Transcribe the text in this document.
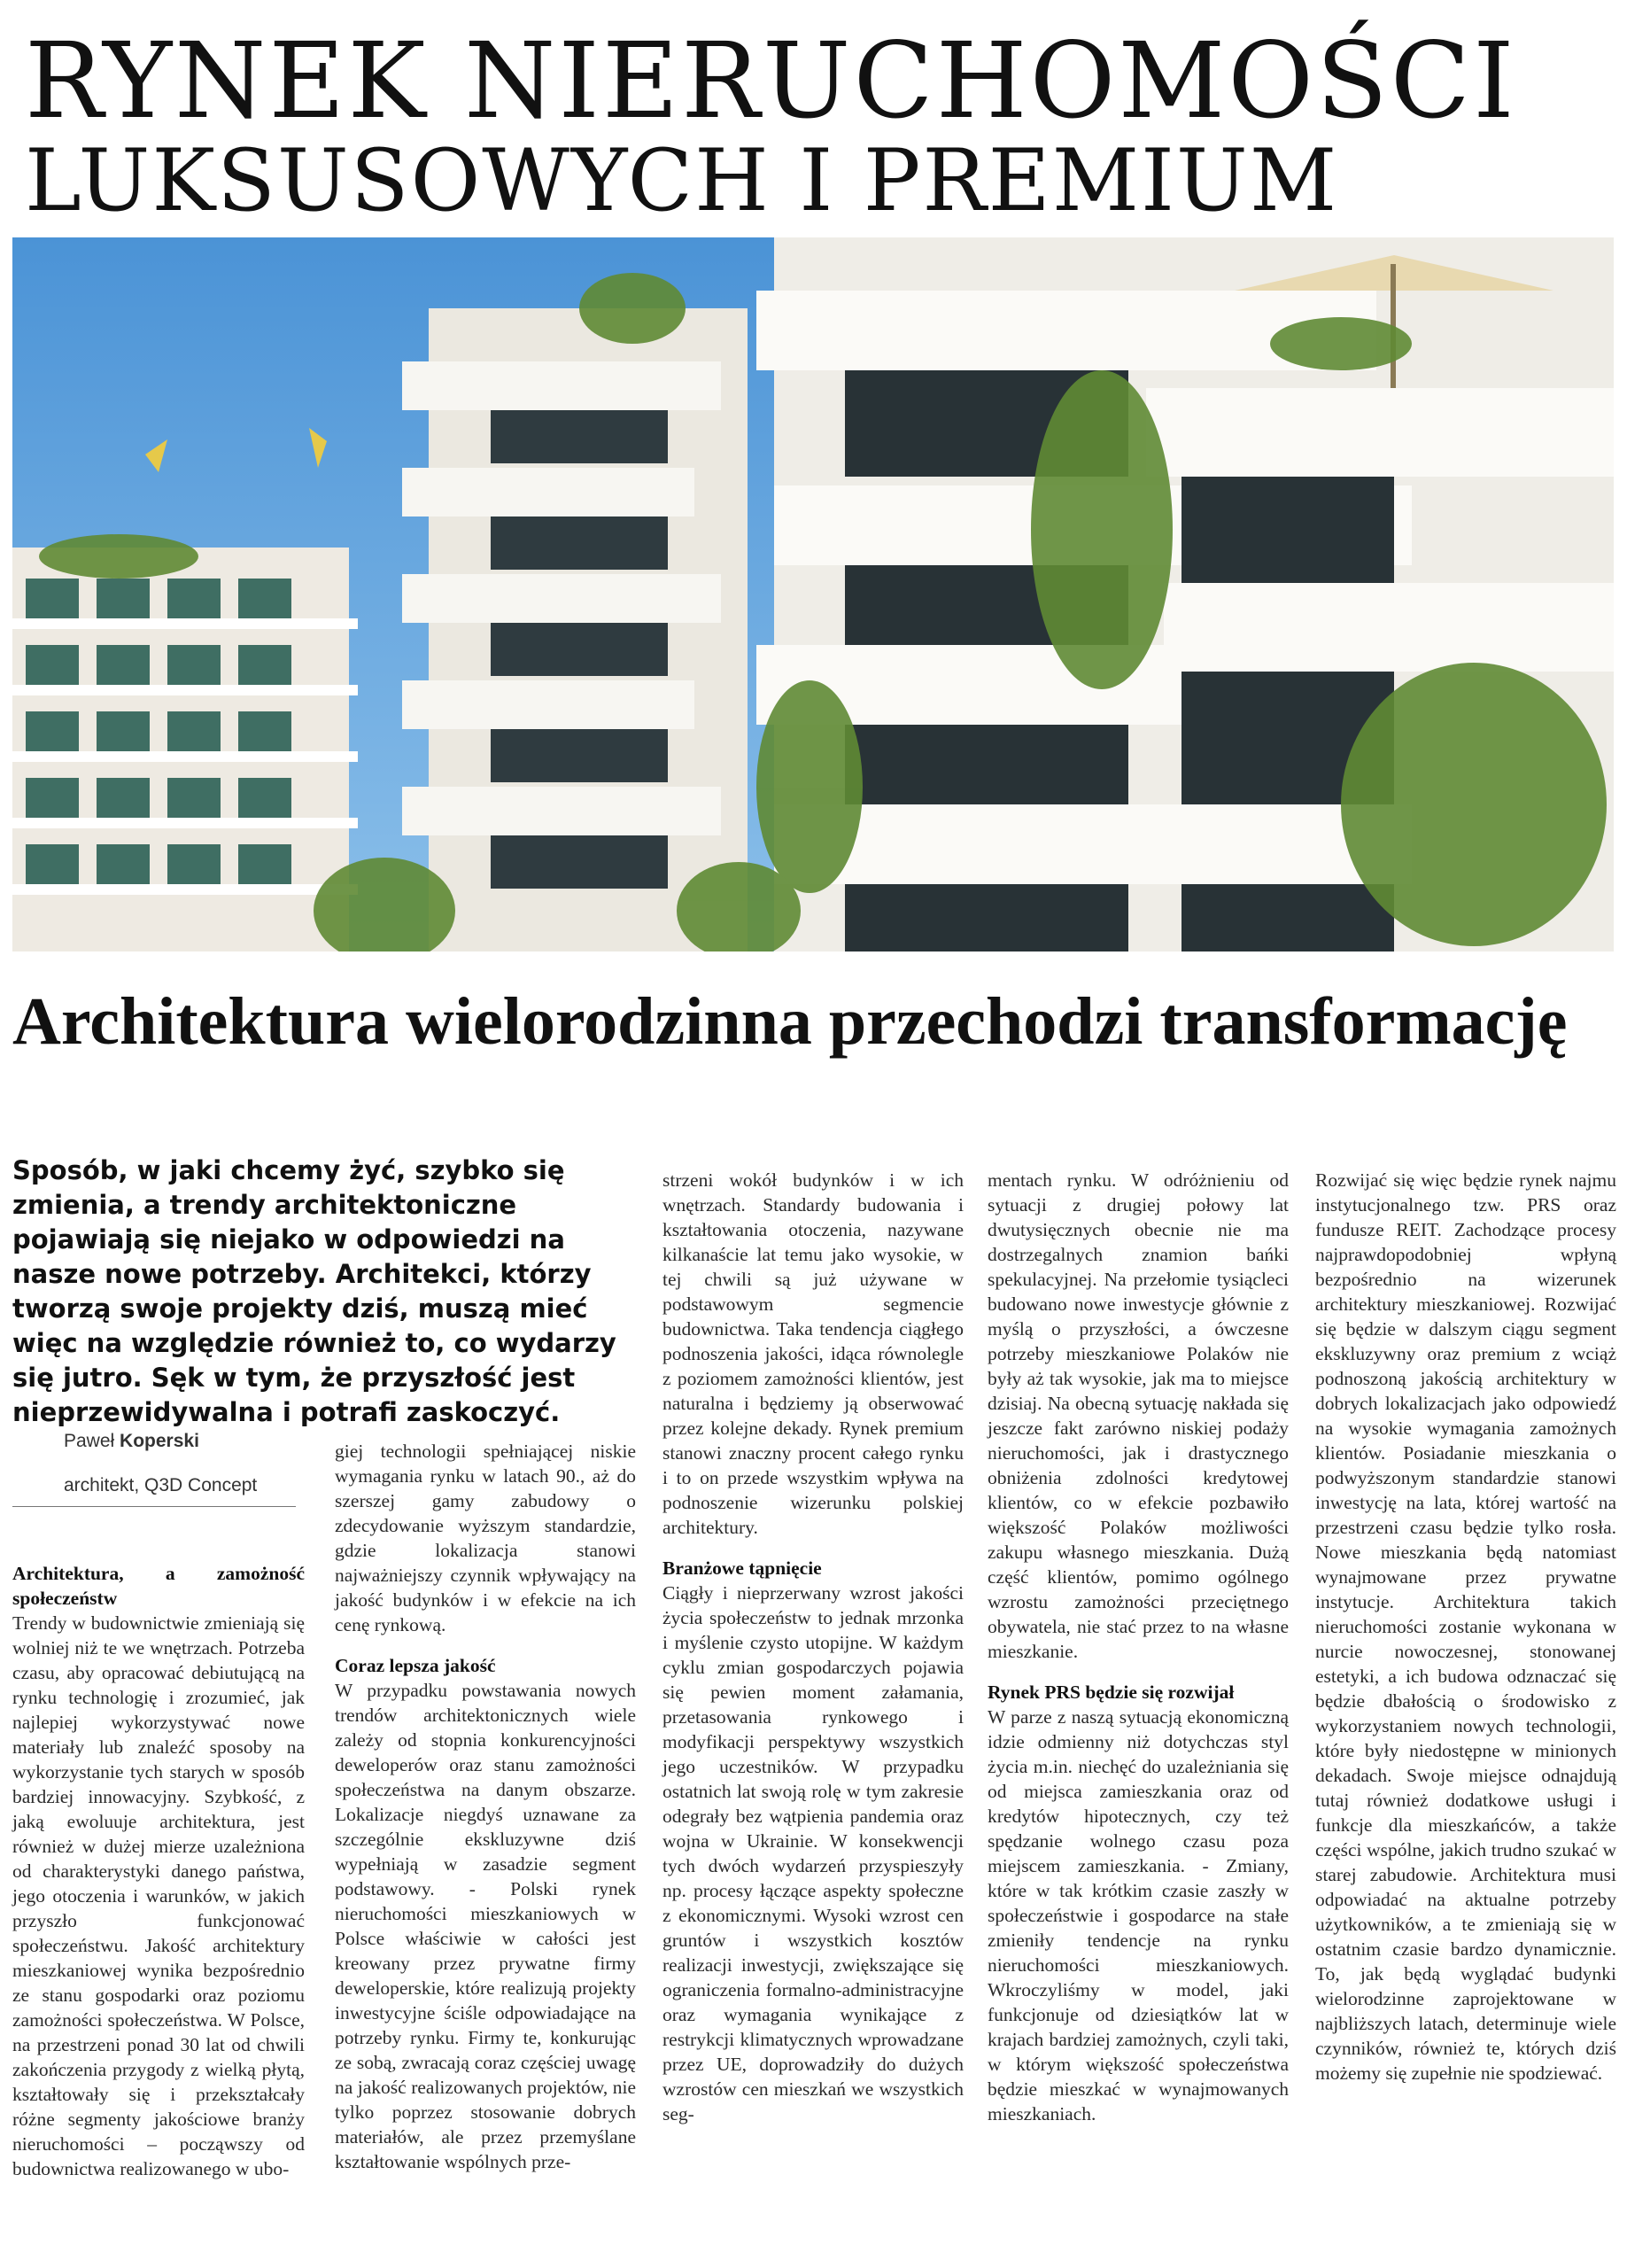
RYNEK NIERUCHOMOŚCI
LUKSUSOWYCH I PREMIUM
Architektura wielorodzinna przechodzi transformację

Sposób, w jaki chcemy żyć, szybko się zmienia, a trendy architektoniczne pojawiają się niejako w odpowiedzi na nasze nowe potrzeby. Architekci, którzy tworzą swoje projekty dziś, muszą mieć więc na względzie również to, co wydarzy się jutro. Sęk w tym, że przyszłość jest nieprzewidywalna i potrafi zaskoczyć.

Paweł Koperski
architekt, Q3D Concept

Architektura, a zamożność społeczeństw

Trendy w budownictwie zmieniają się wolniej niż te we wnętrzach. Potrzeba czasu, aby opracować debiutującą na rynku technologię i zrozumieć, jak najlepiej wykorzystywać nowe materiały lub znaleźć sposoby na wykorzystanie tych starych w sposób bardziej innowacyjny. Szybkość, z jaką ewoluuje architektura, jest również w dużej mierze uzależniona od charakterystyki danego państwa, jego otoczenia i warunków, w jakich przyszło funkcjonować społeczeństwu. Jakość architektury mieszkaniowej wynika bezpośrednio ze stanu gospodarki oraz poziomu zamożności społeczeństwa. W Polsce, na przestrzeni ponad 30 lat od chwili zakończenia przygody z wielką płytą, kształtowały się i przekształcały różne segmenty jakościowe branży nieruchomości – począwszy od budownictwa realizowanego w ubo-

giej technologii spełniającej niskie wymagania rynku w latach 90., aż do szerszej gamy zabudowy o zdecydowanie wyższym standardzie, gdzie lokalizacja stanowi najważniejszy czynnik wpływający na jakość budynków i w efekcie na ich cenę rynkową.

Coraz lepsza jakość

W przypadku powstawania nowych trendów architektonicznych wiele zależy od stopnia konkurencyjności deweloperów oraz stanu zamożności społeczeństwa na danym obszarze. Lokalizacje niegdyś uznawane za szczególnie ekskluzywne dziś wypełniają w zasadzie segment podstawowy. - Polski rynek nieruchomości mieszkaniowych w Polsce właściwie w całości jest kreowany przez prywatne firmy deweloperskie, które realizują projekty inwestycyjne ściśle odpowiadające na potrzeby rynku. Firmy te, konkurując ze sobą, zwracają coraz częściej uwagę na jakość realizowanych projektów, nie tylko poprzez stosowanie dobrych materiałów, ale przez przemyślane kształtowanie wspólnych prze-

strzeni wokół budynków i w ich wnętrzach. Standardy budowania i kształtowania otoczenia, nazywane kilkanaście lat temu jako wysokie, w tej chwili są już używane w podstawowym segmencie budownictwa. Taka tendencja ciągłego podnoszenia jakości, idąca równolegle z poziomem zamożności klientów, jest naturalna i będziemy ją obserwować przez kolejne dekady. Rynek premium stanowi znaczny procent całego rynku i to on przede wszystkim wpływa na podnoszenie wizerunku polskiej architektury.

Branżowe tąpnięcie

Ciągły i nieprzerwany wzrost jakości życia społeczeństw to jednak mrzonka i myślenie czysto utopijne. W każdym cyklu zmian gospodarczych pojawia się pewien moment załamania, przetasowania rynkowego i modyfikacji perspektywy wszystkich jego uczestników. W przypadku ostatnich lat swoją rolę w tym zakresie odegrały bez wątpienia pandemia oraz wojna w Ukrainie. W konsekwencji tych dwóch wydarzeń przyspieszyły np. procesy łączące aspekty społeczne z ekonomicznymi. Wysoki wzrost cen gruntów i wszystkich kosztów realizacji inwestycji, zwiększające się ograniczenia formalno-administracyjne oraz wymagania wynikające z restrykcji klimatycznych wprowadzane przez UE, doprowadziły do dużych wzrostów cen mieszkań we wszystkich seg-

mentach rynku. W odróżnieniu od sytuacji z drugiej połowy lat dwutysięcznych obecnie nie ma dostrzegalnych znamion bańki spekulacyjnej. Na przełomie tysiącleci budowano nowe inwestycje głównie z myślą o przyszłości, a ówczesne potrzeby mieszkaniowe Polaków nie były aż tak wysokie, jak ma to miejsce dzisiaj. Na obecną sytuację nakłada się jeszcze fakt zarówno niskiej podaży nieruchomości, jak i drastycznego obniżenia zdolności kredytowej klientów, co w efekcie pozbawiło większość Polaków możliwości zakupu własnego mieszkania. Dużą część klientów, pomimo ogólnego wzrostu zamożności przeciętnego obywatela, nie stać przez to na własne mieszkanie.

Rynek PRS będzie się rozwijał

W parze z naszą sytuacją ekonomiczną idzie odmienny niż dotychczas styl życia m.in. niechęć do uzależniania się od miejsca zamieszkania oraz od kredytów hipotecznych, czy też spędzanie wolnego czasu poza miejscem zamieszkania. - Zmiany, które w tak krótkim czasie zaszły w społeczeństwie i gospodarce na stałe zmieniły tendencje na rynku nieruchomości mieszkaniowych. Wkroczyliśmy w model, jaki funkcjonuje od dziesiątków lat w krajach bardziej zamożnych, czyli taki, w którym większość społeczeństwa będzie mieszkać w wynajmowanych mieszkaniach.

Rozwijać się więc będzie rynek najmu instytucjonalnego tzw. PRS oraz fundusze REIT. Zachodzące procesy najprawdopodobniej wpłyną bezpośrednio na wizerunek architektury mieszkaniowej. Rozwijać się będzie w dalszym ciągu segment ekskluzywny oraz premium z wciąż podnoszoną jakością architektury w dobrych lokalizacjach jako odpowiedź na wysokie wymagania zamożnych klientów. Posiadanie mieszkania o podwyższonym standardzie stanowi inwestycję na lata, której wartość na przestrzeni czasu będzie tylko rosła. Nowe mieszkania będą natomiast wynajmowane przez prywatne instytucje. Architektura takich nieruchomości zostanie wykonana w nurcie nowoczesnej, stonowanej estetyki, a ich budowa odznaczać się będzie dbałością o środowisko z wykorzystaniem nowych technologii, które były niedostępne w minionych dekadach. Swoje miejsce odnajdują tutaj również dodatkowe usługi i funkcje dla mieszkańców, a także części wspólne, jakich trudno szukać w starej zabudowie. Architektura musi odpowiadać na aktualne potrzeby użytkowników, a te zmieniają się w ostatnim czasie bardzo dynamicznie. To, jak będą wyglądać budynki wielorodzinne zaprojektowane w najbliższych latach, determinuje wiele czynników, również te, których dziś możemy się zupełnie nie spodziewać.
